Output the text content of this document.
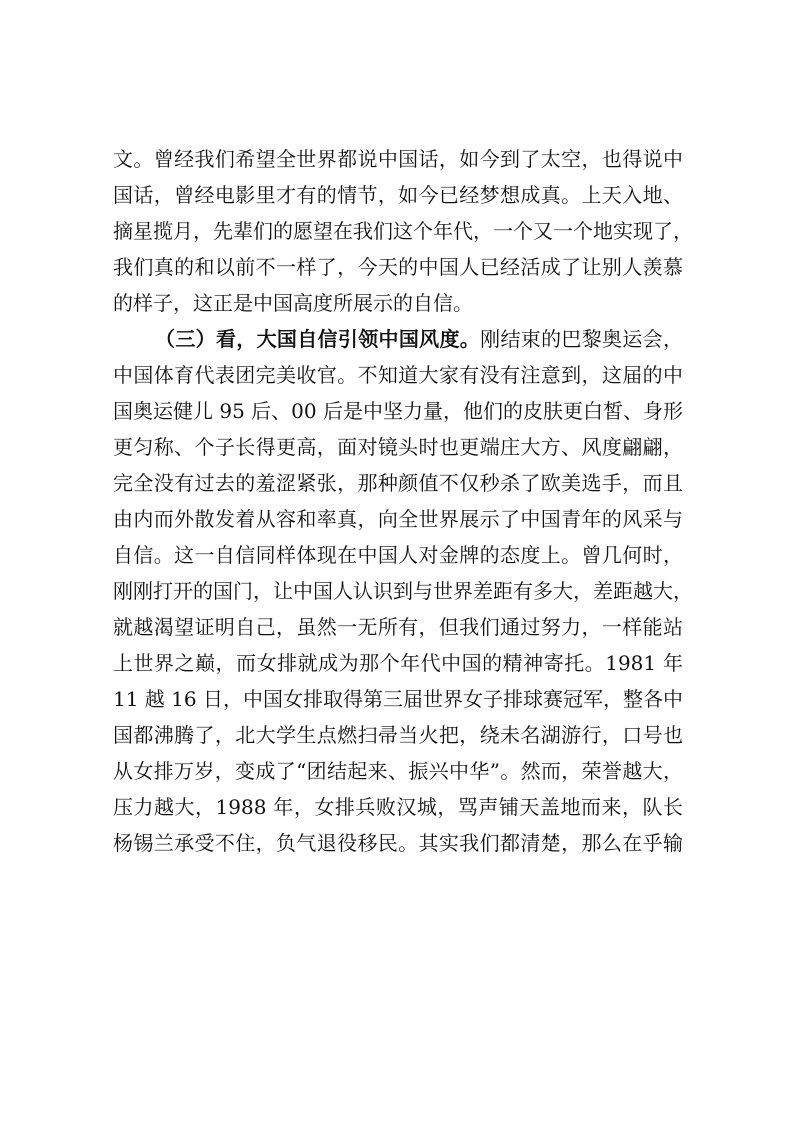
文。曾经我们希望全世界都说中国话，如今到了太空，也得说中
国话，曾经电影里才有的情节，如今已经梦想成真。上天入地、
摘星揽月，先辈们的愿望在我们这个年代，一个又一个地实现了，
我们真的和以前不一样了，今天的中国人已经活成了让别人羡慕
的样子，这正是中国高度所展示的自信。
（三）看，大国自信引领中国风度。刚结束的巴黎奥运会，
中国体育代表团完美收官。不知道大家有没有注意到，这届的中
国奥运健儿 95 后、00 后是中坚力量，他们的皮肤更白皙、身形
更匀称、个子长得更高，面对镜头时也更端庄大方、风度翩翩，
完全没有过去的羞涩紧张，那种颜值不仅秒杀了欧美选手，而且
由内而外散发着从容和率真，向全世界展示了中国青年的风采与
自信。这一自信同样体现在中国人对金牌的态度上。曾几何时，
刚刚打开的国门，让中国人认识到与世界差距有多大，差距越大，
就越渴望证明自己，虽然一无所有，但我们通过努力，一样能站
上世界之巅，而女排就成为那个年代中国的精神寄托。1981 年
11 越 16 日，中国女排取得第三届世界女子排球赛冠军，整各中
国都沸腾了，北大学生点燃扫帚当火把，绕未名湖游行，口号也
从女排万岁，变成了“团结起来、振兴中华”。然而，荣誉越大，
压力越大，1988 年，女排兵败汉城，骂声铺天盖地而来，队长
杨锡兰承受不住，负气退役移民。其实我们都清楚，那么在乎输
